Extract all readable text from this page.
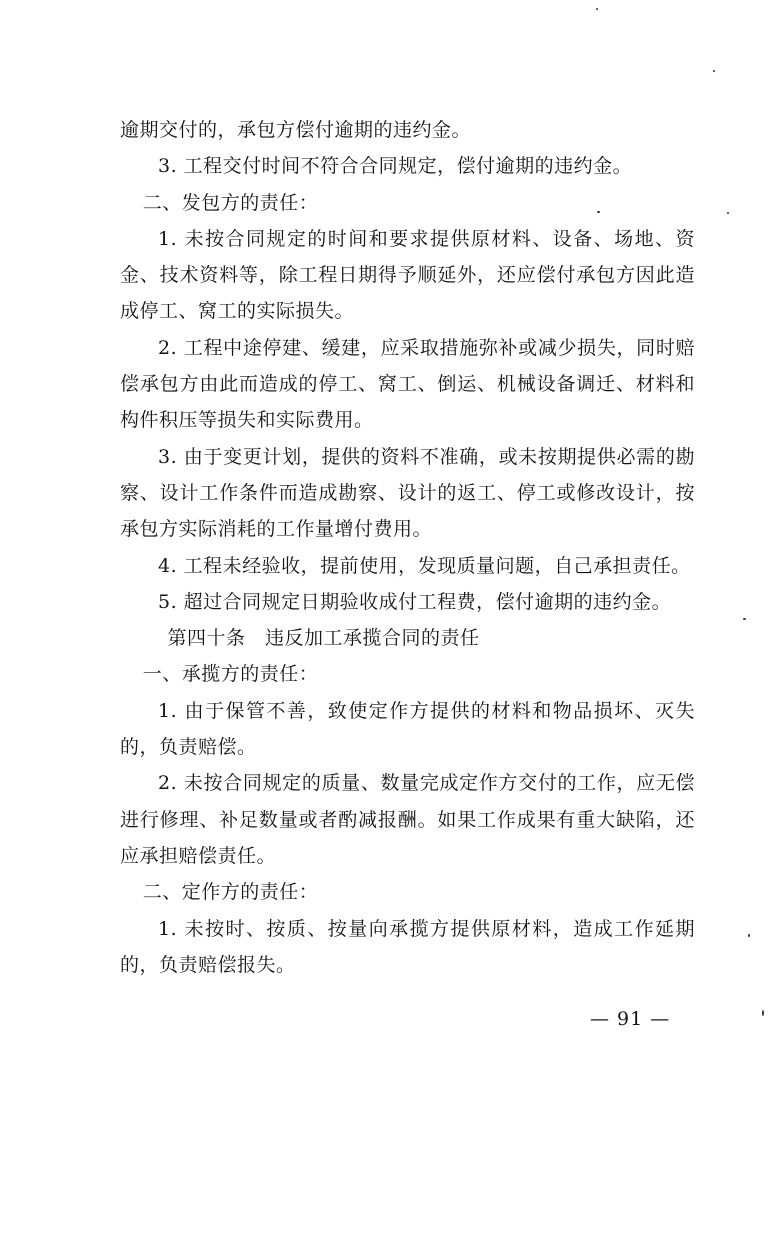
逾期交付的，承包方偿付逾期的违约金。

3. 工程交付时间不符合合同规定，偿付逾期的违约金。

二、发包方的责任：

1. 未按合同规定的时间和要求提供原材料、设备、场地、资金、技术资料等，除工程日期得予顺延外，还应偿付承包方因此造成停工、窝工的实际损失。

2. 工程中途停建、缓建，应采取措施弥补或减少损失，同时赔偿承包方由此而造成的停工、窝工、倒运、机械设备调迁、材料和构件积压等损失和实际费用。

3. 由于变更计划，提供的资料不准确，或未按期提供必需的勘察、设计工作条件而造成勘察、设计的返工、停工或修改设计，按承包方实际消耗的工作量增付费用。

4. 工程未经验收，提前使用，发现质量问题，自己承担责任。

5. 超过合同规定日期验收成付工程费，偿付逾期的违约金。

第四十条　违反加工承揽合同的责任

一、承揽方的责任：

1. 由于保管不善，致使定作方提供的材料和物品损坏、灭失的，负责赔偿。

2. 未按合同规定的质量、数量完成定作方交付的工作，应无偿进行修理、补足数量或者酌减报酬。如果工作成果有重大缺陷，还应承担赔偿责任。

二、定作方的责任：

1. 未按时、按质、按量向承揽方提供原材料，造成工作延期的，负责赔偿报失。

— 91 —
